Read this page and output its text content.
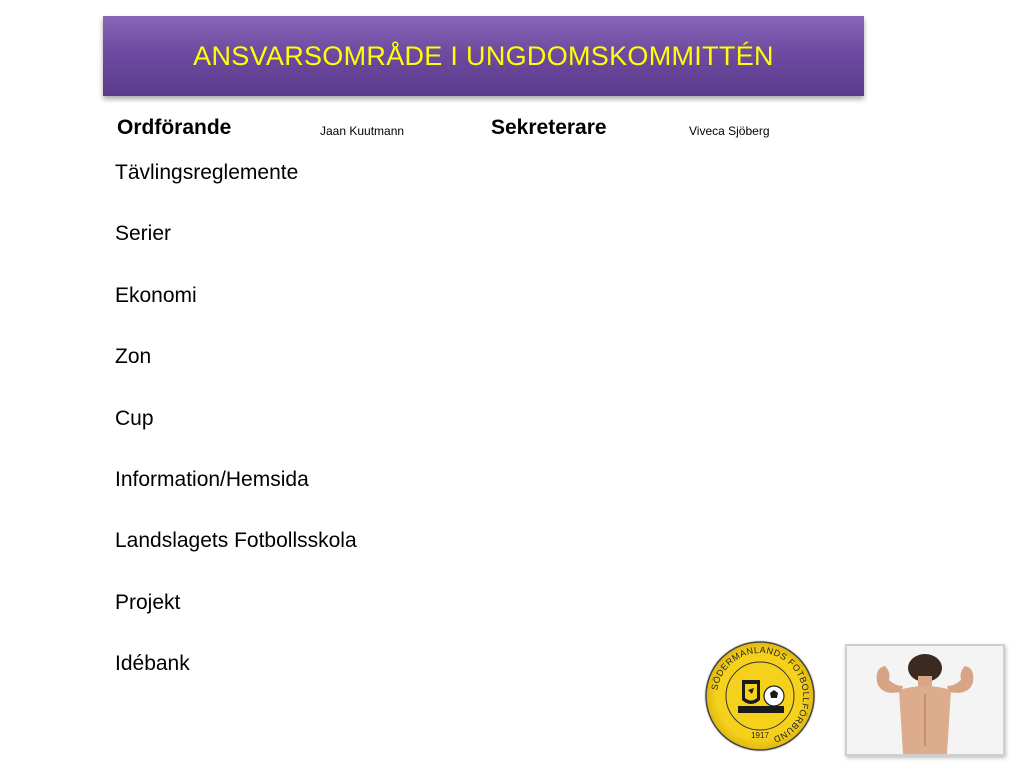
ANSVARSOMRÅDE I UNGDOMSKOMMITTÉN
Ordförande	Jaan Kuutmann	Sekreterare	Viveca Sjöberg
Tävlingsreglemente
Serier
Ekonomi
Zon
Cup
Information/Hemsida
Landslagets Fotbollsskola
Projekt
Idébank
SÖDERMANLANDS FOTBOLLFÖRBUND
1917
